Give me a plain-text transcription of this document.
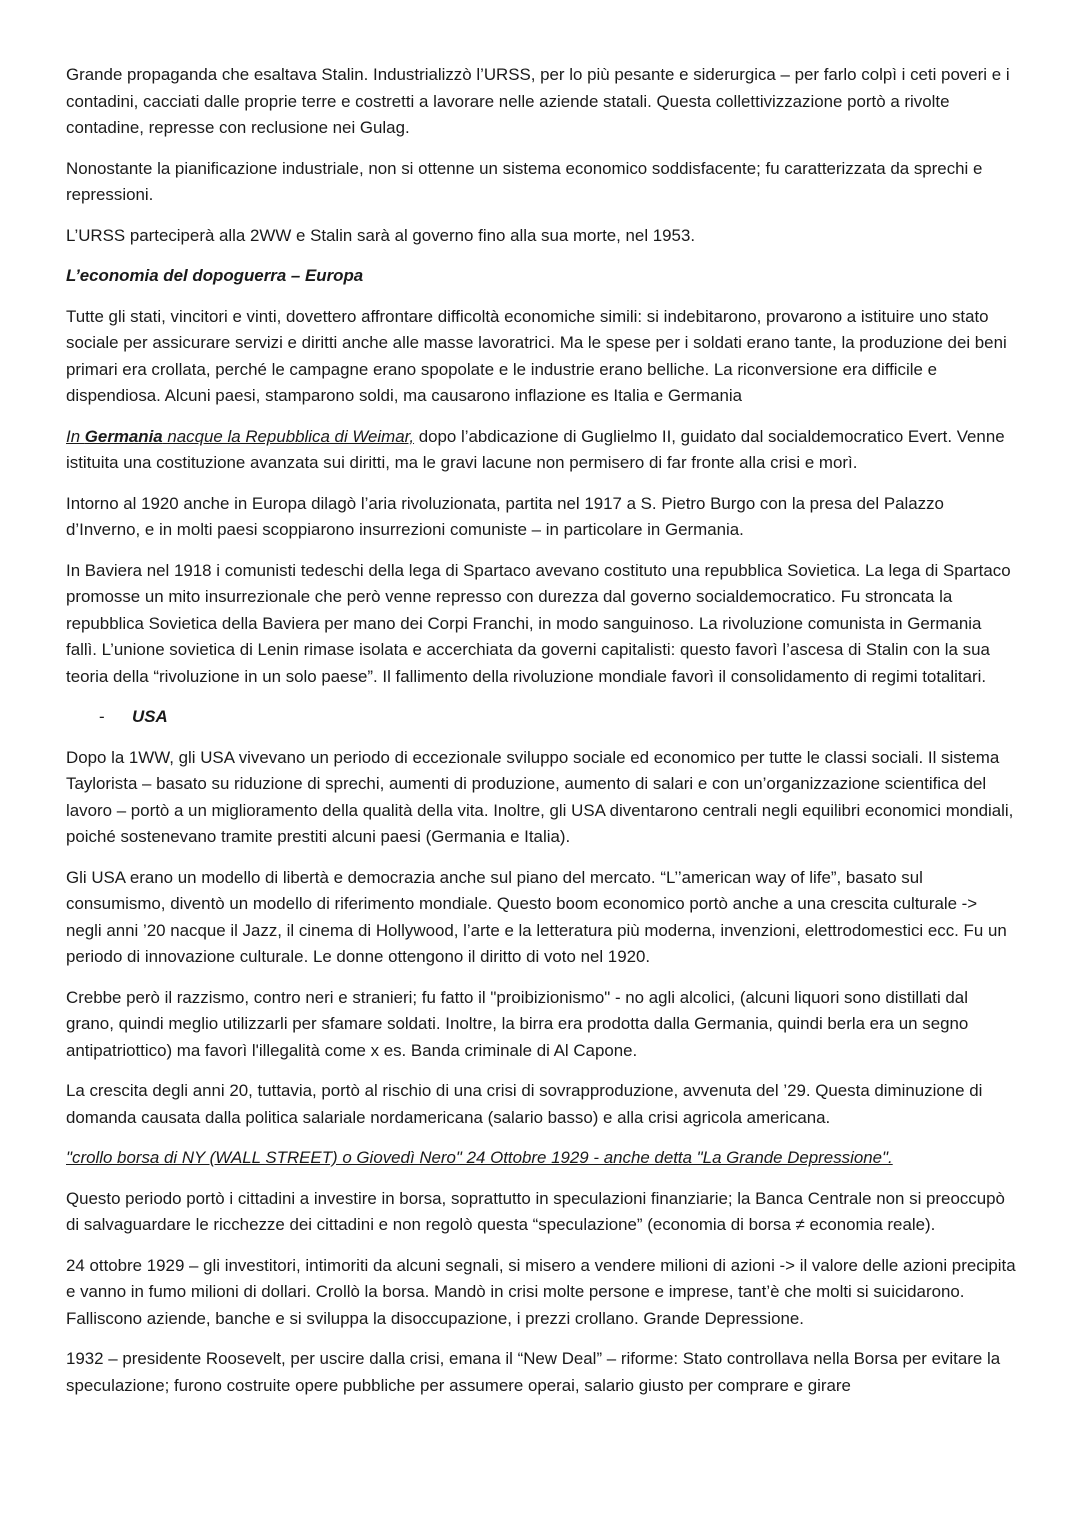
Grande propaganda che esaltava Stalin. Industrializzò l’URSS, per lo più pesante e siderurgica – per farlo colpì i ceti poveri e i contadini, cacciati dalle proprie terre e costretti a lavorare nelle aziende statali. Questa collettivizzazione portò a rivolte contadine, represse con reclusione nei Gulag.

Nonostante la pianificazione industriale, non si ottenne un sistema economico soddisfacente; fu caratterizzata da sprechi e repressioni.

L’URSS parteciperà alla 2WW e Stalin sarà al governo fino alla sua morte, nel 1953.

L’economia del dopoguerra – Europa

Tutte gli stati, vincitori e vinti, dovettero affrontare difficoltà economiche simili: si indebitarono, provarono a istituire uno stato sociale per assicurare servizi e diritti anche alle masse lavoratrici. Ma le spese per i soldati erano tante, la produzione dei beni primari era crollata, perché le campagne erano spopolate e le industrie erano belliche. La riconversione era difficile e dispendiosa. Alcuni paesi, stamparono soldi, ma causarono inflazione es Italia e Germania

In Germania nacque la Repubblica di Weimar, dopo l’abdicazione di Guglielmo II, guidato dal socialdemocratico Evert. Venne istituita una costituzione avanzata sui diritti, ma le gravi lacune non permisero di far fronte alla crisi e morì.

Intorno al 1920 anche in Europa dilagò l’aria rivoluzionata, partita nel 1917 a S. Pietro Burgo con la presa del Palazzo d’Inverno, e in molti paesi scoppiarono insurrezioni comuniste – in particolare in Germania.

In Baviera nel 1918 i comunisti tedeschi della lega di Spartaco avevano costituto una repubblica Sovietica. La lega di Spartaco promosse un mito insurrezionale che però venne represso con durezza dal governo socialdemocratico. Fu stroncata la repubblica Sovietica della Baviera per mano dei Corpi Franchi, in modo sanguinoso. La rivoluzione comunista in Germania fallì. L’unione sovietica di Lenin rimase isolata e accerchiata da governi capitalisti: questo favorì l’ascesa di Stalin con la sua teoria della “rivoluzione in un solo paese”. Il fallimento della rivoluzione mondiale favorì il consolidamento di regimi totalitari.

- USA

Dopo la 1WW, gli USA vivevano un periodo di eccezionale sviluppo sociale ed economico per tutte le classi sociali. Il sistema Taylorista – basato su riduzione di sprechi, aumenti di produzione, aumento di salari e con un’organizzazione scientifica del lavoro – portò a un miglioramento della qualità della vita. Inoltre, gli USA diventarono centrali negli equilibri economici mondiali, poiché sostenevano tramite prestiti alcuni paesi (Germania e Italia).

Gli USA erano un modello di libertà e democrazia anche sul piano del mercato. “L’’american way of life”, basato sul consumismo, diventò un modello di riferimento mondiale. Questo boom economico portò anche a una crescita culturale -> negli anni ’20 nacque il Jazz, il cinema di Hollywood, l’arte e la letteratura più moderna, invenzioni, elettrodomestici ecc. Fu un periodo di innovazione culturale. Le donne ottengono il diritto di voto nel 1920.

Crebbe però il razzismo, contro neri e stranieri; fu fatto il "proibizionismo" - no agli alcolici, (alcuni liquori sono distillati dal grano, quindi meglio utilizzarli per sfamare soldati. Inoltre, la birra era prodotta dalla Germania, quindi berla era un segno antipatriottico) ma favorì l'illegalità come x es. Banda criminale di Al Capone.

La crescita degli anni 20, tuttavia, portò al rischio di una crisi di sovrapproduzione, avvenuta del ’29. Questa diminuzione di domanda causata dalla politica salariale nordamericana (salario basso) e alla crisi agricola americana.

"crollo borsa di NY (WALL STREET) o Giovedì Nero" 24 Ottobre 1929 - anche detta "La Grande Depressione".

Questo periodo portò i cittadini a investire in borsa, soprattutto in speculazioni finanziarie; la Banca Centrale non si preoccupò di salvaguardare le ricchezze dei cittadini e non regolò questa “speculazione” (economia di borsa ≠ economia reale).

24 ottobre 1929 – gli investitori, intimoriti da alcuni segnali, si misero a vendere milioni di azioni -> il valore delle azioni precipita e vanno in fumo milioni di dollari. Crollò la borsa. Mandò in crisi molte persone e imprese, tant’è che molti si suicidarono. Falliscono aziende, banche e si sviluppa la disoccupazione, i prezzi crollano. Grande Depressione.

1932 – presidente Roosevelt, per uscire dalla crisi, emana il “New Deal” – riforme: Stato controllava nella Borsa per evitare la speculazione; furono costruite opere pubbliche per assumere operai, salario giusto per comprare e girare
